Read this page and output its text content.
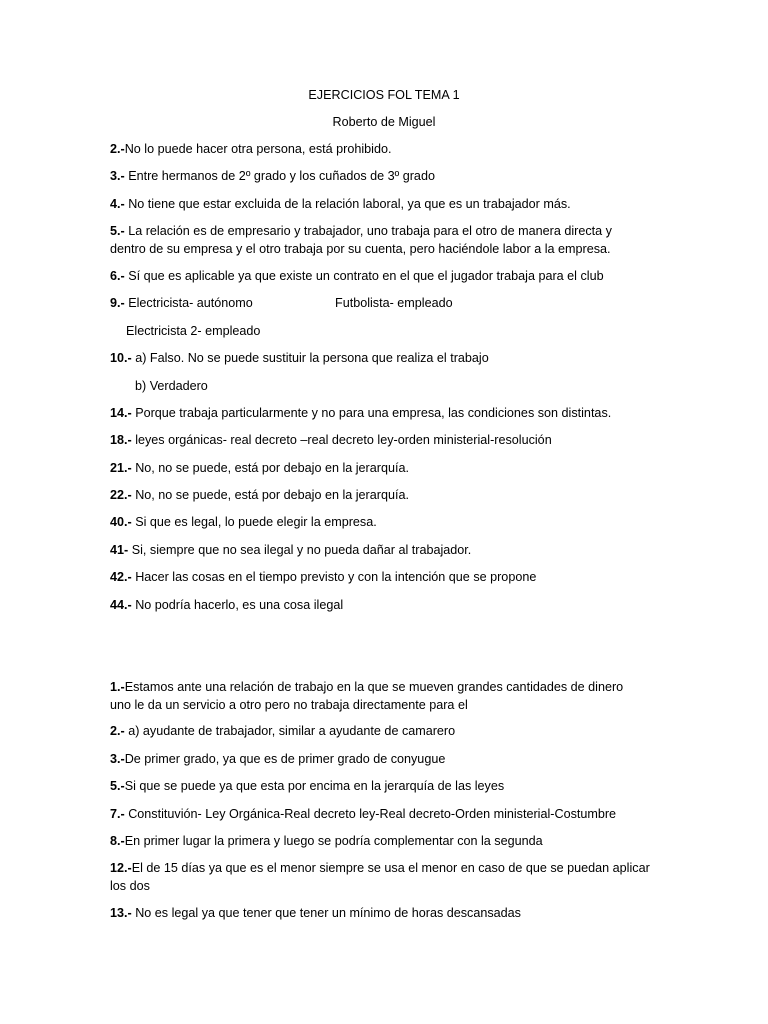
EJERCICIOS FOL TEMA 1
Roberto de Miguel
2.-No lo puede hacer otra persona, está prohibido.
3.- Entre hermanos de 2º grado y los cuñados de 3º grado
4.- No tiene que estar excluida de la relación laboral, ya que es un trabajador más.
5.- La relación es de empresario y trabajador, uno trabaja para el otro de manera directa y dentro de su empresa y el otro trabaja por su cuenta, pero haciéndole labor a la empresa.
6.- Sí que es aplicable ya que existe un contrato en el que el jugador trabaja para el club
9.- Electricista- autónomo	Futbolista- empleado
Electricista 2- empleado
10.- a) Falso. No se puede sustituir la persona que realiza el trabajo
b) Verdadero
14.- Porque trabaja particularmente y no para una empresa, las condiciones son distintas.
18.- leyes orgánicas- real decreto –real decreto ley-orden ministerial-resolución
21.- No, no se puede, está por debajo en la jerarquía.
22.- No, no se puede, está por debajo en la jerarquía.
40.- Si que es legal, lo puede elegir la empresa.
41- Si, siempre que no sea ilegal y no pueda dañar al trabajador.
42.- Hacer las cosas en el tiempo previsto y con la intención que se propone
44.- No podría hacerlo, es una cosa ilegal
1.-Estamos ante una relación de trabajo en la que se mueven grandes cantidades de dinero uno le da un servicio a otro pero no trabaja directamente para el
2.- a) ayudante de trabajador, similar a ayudante de camarero
3.-De primer grado, ya que es de primer grado de conyugue
5.-Si que se puede ya que esta por encima en la jerarquía de las leyes
7.- Constituvión- Ley Orgánica-Real decreto ley-Real decreto-Orden ministerial-Costumbre
8.-En primer lugar la primera y luego se podría complementar con la segunda
12.-El de 15 días ya que es el menor siempre se usa el menor en caso de que se puedan aplicar los dos
13.- No es legal ya que tener que tener un mínimo de horas descansadas
